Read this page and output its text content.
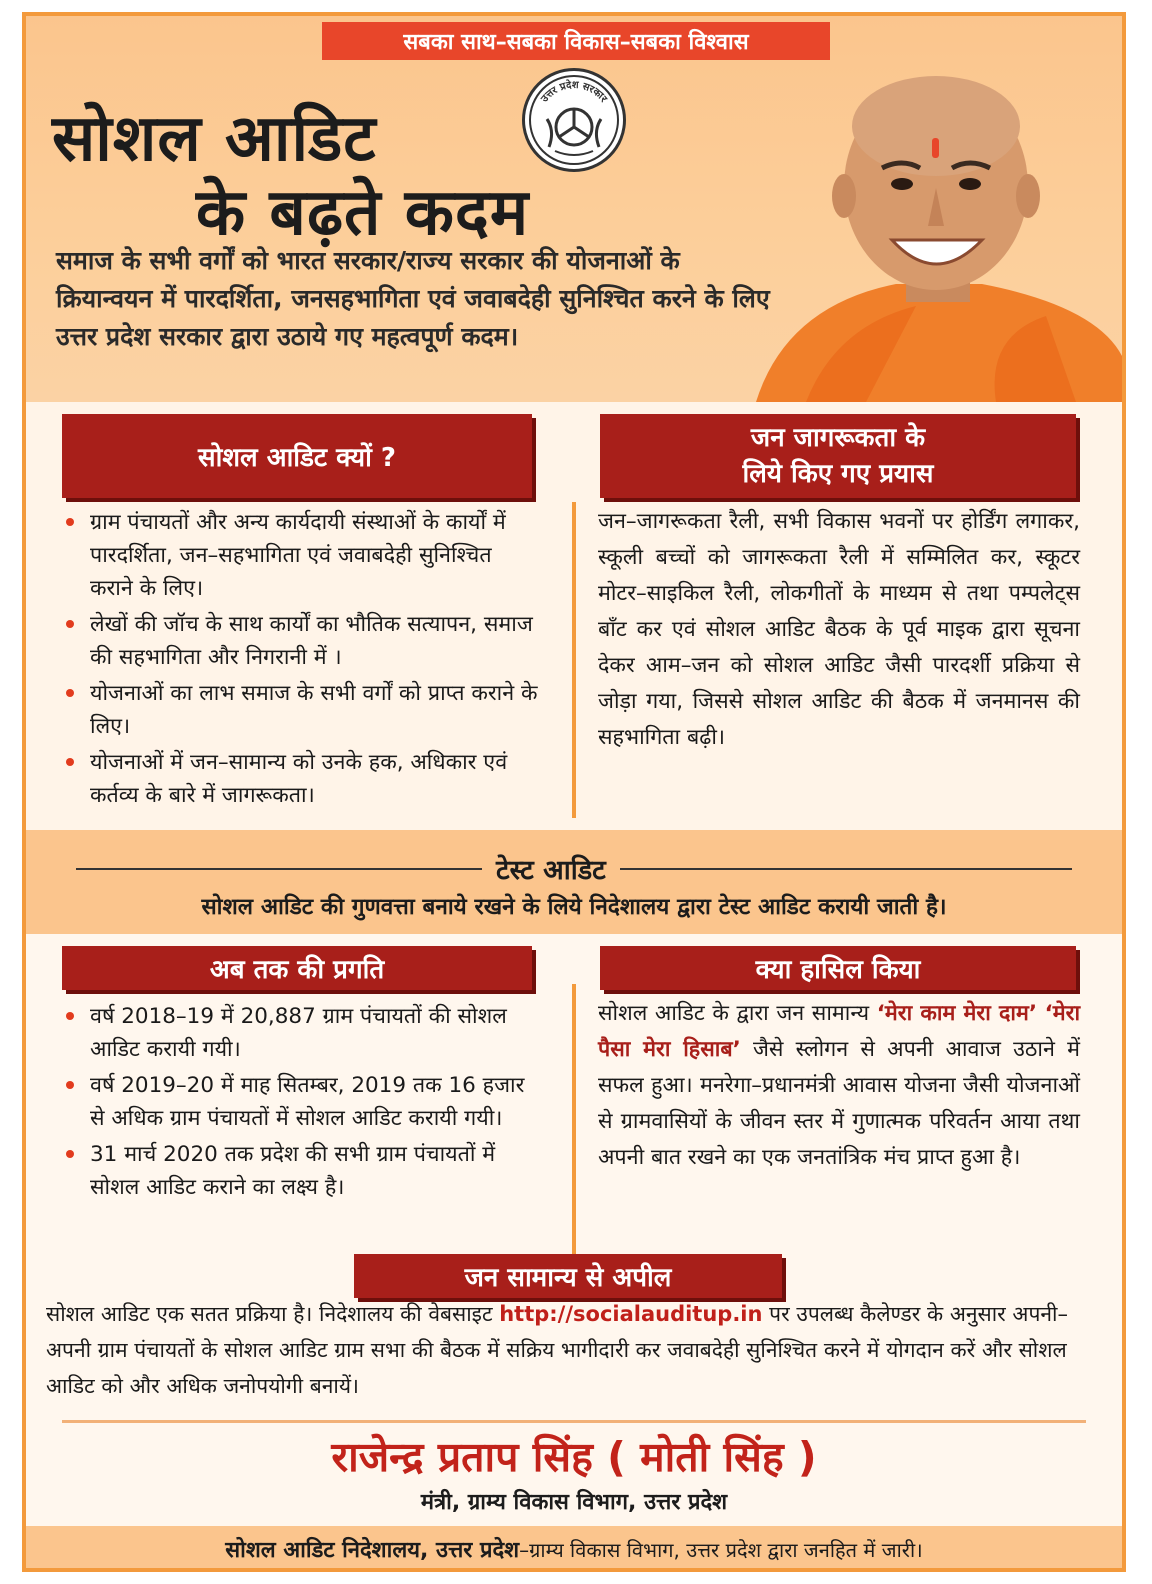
सबका साथ–सबका विकास–सबका विश्वास
सोशल आडिट
के बढ़ते कदम
उत्तर प्रदेश सरकार
समाज के सभी वर्गों को भारत सरकार/राज्य सरकार की योजनाओं के क्रियान्वयन में पारदर्शिता, जनसहभागिता एवं जवाबदेही सुनिश्चित करने के लिए उत्तर प्रदेश सरकार द्वारा उठाये गए महत्वपूर्ण कदम।
सोशल आडिट क्यों ?
ग्राम पंचायतों और अन्य कार्यदायी संस्थाओं के कार्यों में पारदर्शिता, जन–सहभागिता एवं जवाबदेही सुनिश्चित कराने के लिए।
लेखों की जॉच के साथ कार्यों का भौतिक सत्यापन, समाज की सहभागिता और निगरानी में ।
योजनाओं का लाभ समाज के सभी वर्गों को प्राप्त कराने के लिए।
योजनाओं में जन–सामान्य को उनके हक, अधिकार एवं कर्तव्य के बारे में जागरूकता।
जन जागरूकता के
लिये किए गए प्रयास
जन–जागरूकता रैली, सभी विकास भवनों पर होर्डिंग लगाकर, स्कूली बच्चों को जागरूकता रैली में सम्मिलित कर, स्कूटर मोटर–साइकिल रैली, लोकगीतों के माध्यम से तथा पम्पलेट्स बाँट कर एवं सोशल आडिट बैठक के पूर्व माइक द्वारा सूचना देकर आम–जन को सोशल आडिट जैसी पारदर्शी प्रक्रिया से जोड़ा गया, जिससे सोशल आडिट की बैठक में जनमानस की सहभागिता बढ़ी।
टेस्ट आडिट
सोशल आडिट की गुणवत्ता बनाये रखने के लिये निदेशालय द्वारा टेस्ट आडिट करायी जाती है।
अब तक की प्रगति
वर्ष 2018–19 में 20,887 ग्राम पंचायतों की सोशल आडिट करायी गयी।
वर्ष 2019–20 में माह सितम्बर, 2019 तक 16 हजार से अधिक ग्राम पंचायतों में सोशल आडिट करायी गयी।
31 मार्च 2020 तक प्रदेश की सभी ग्राम पंचायतों में सोशल आडिट कराने का लक्ष्य है।
क्या हासिल किया
सोशल आडिट के द्वारा जन सामान्य ‘मेरा काम मेरा दाम’ ‘मेरा पैसा मेरा हिसाब’ जैसे स्लोगन से अपनी आवाज उठाने में सफल हुआ। मनरेगा–प्रधानमंत्री आवास योजना जैसी योजनाओं से ग्रामवासियों के जीवन स्तर में गुणात्मक परिवर्तन आया तथा अपनी बात रखने का एक जनतांत्रिक मंच प्राप्त हुआ है।
जन सामान्य से अपील
सोशल आडिट एक सतत प्रक्रिया है। निदेशालय की वेबसाइट http://socialauditup.in पर उपलब्ध कैलेण्डर के अनुसार अपनी–अपनी ग्राम पंचायतों के सोशल आडिट ग्राम सभा की बैठक में सक्रिय भागीदारी कर जवाबदेही सुनिश्चित करने में योगदान करें और सोशल आडिट को और अधिक जनोपयोगी बनायें।
राजेन्द्र प्रताप सिंह ( मोती सिंह )
मंत्री, ग्राम्य विकास विभाग, उत्तर प्रदेश
सोशल आडिट निदेशालय, उत्तर प्रदेश –ग्राम्य विकास विभाग, उत्तर प्रदेश द्वारा जनहित में जारी।
